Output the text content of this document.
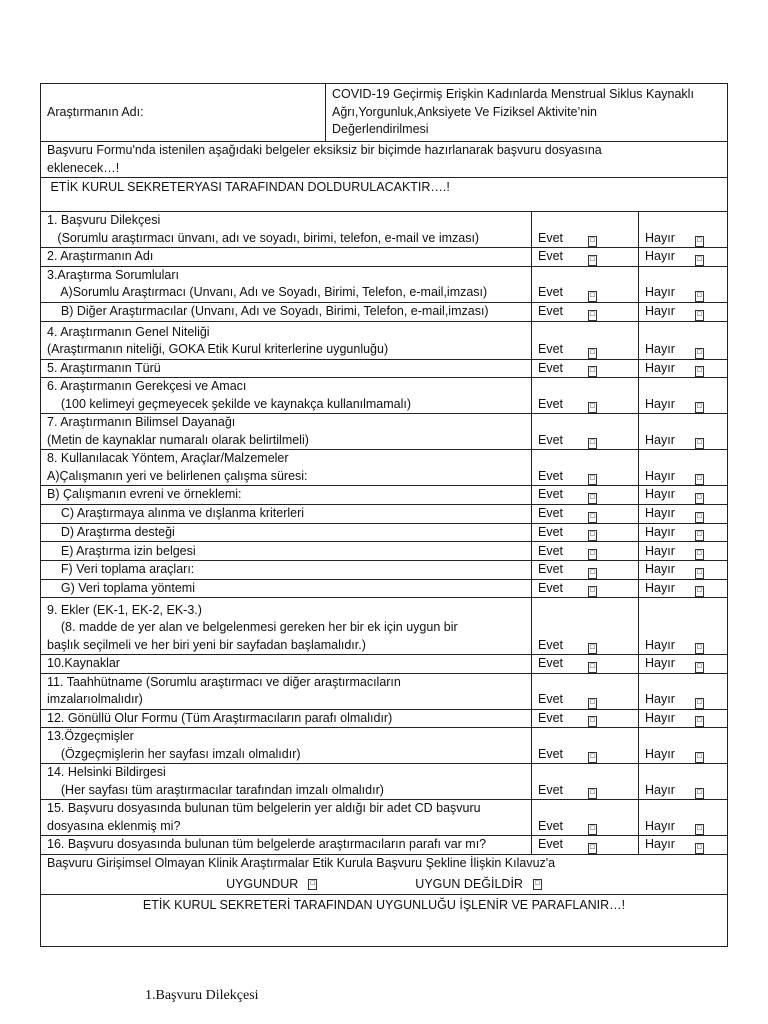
Araştırmanın Adı:	COVID-19 Geçirmiş Erişkin Kadınlarda Menstrual Siklus Kaynaklı
Ağrı,Yorgunluk,Anksiyete Ve Fiziksel Aktivite’nin
Değerlendirilmesi		

Başvuru Formu'nda istenilen aşağıdaki belgeler eksiksiz bir biçimde hazırlanarak başvuru dosyasına
eklenecek…!			

ETİK KURUL SEKRETERYASI TARAFINDAN DOLDURULACAKTIR….!			

1. Başvuru Dilekçesi
(Sorumlu araştırmacı ünvanı, adı ve soyadı, birimi, telefon, e-mail ve imzası)		Evet ☐	Hayır ☐

2. Araştırmanın Adı		Evet ☐	Hayır ☐

3.Araştırma Sorumluları
A)Sorumlu Araştırmacı (Unvanı, Adı ve Soyadı, Birimi, Telefon, e-mail,imzası)		Evet ☐	Hayır ☐

B) Diğer Araştırmacılar (Unvanı, Adı ve Soyadı, Birimi, Telefon, e-mail,imzası)		Evet ☐	Hayır ☐

4. Araştırmanın Genel Niteliği
(Araştırmanın niteliği, GOKA Etik Kurul kriterlerine uygunluğu)		Evet ☐	Hayır ☐

5. Araştırmanın Türü		Evet ☐	Hayır ☐

6. Araştırmanın Gerekçesi ve Amacı
(100 kelimeyi geçmeyecek şekilde ve kaynakça kullanılmamalı)		Evet ☐	Hayır ☐

7. Araştırmanın Bilimsel Dayanağı
(Metin de kaynaklar numaralı olarak belirtilmeli)		Evet ☐	Hayır ☐

8. Kullanılacak Yöntem, Araçlar/Malzemeler
A)Çalışmanın yeri ve belirlenen çalışma süresi:		Evet ☐	Hayır ☐

B) Çalışmanın evreni ve örneklemi:		Evet ☐	Hayır ☐

C) Araştırmaya alınma ve dışlanma kriterleri		Evet ☐	Hayır ☐

D) Araştırma desteği		Evet ☐	Hayır ☐

E) Araştırma izin belgesi		Evet ☐	Hayır ☐

F) Veri toplama araçları:		Evet ☐	Hayır ☐

G) Veri toplama yöntemi		Evet ☐	Hayır ☐

9. Ekler (EK-1, EK-2, EK-3.)
(8. madde de yer alan ve belgelenmesi gereken her bir ek için uygun bir
başlık seçilmeli ve her biri yeni bir sayfadan başlamalıdır.)		Evet ☐	Hayır ☐

10.Kaynaklar		Evet ☐	Hayır ☐

11. Taahhütname (Sorumlu araştırmacı ve diğer araştırmacıların
imzalarıolmalıdır)		Evet ☐	Hayır ☐

12. Gönüllü Olur Formu (Tüm Araştırmacıların parafı olmalıdır)		Evet ☐	Hayır ☐

13.Özgeçmişler
(Özgeçmişlerin her sayfası imzalı olmalıdır)		Evet ☐	Hayır ☐

14. Helsinki Bildirgesi
(Her sayfası tüm araştırmacılar tarafından imzalı olmalıdır)		Evet ☐	Hayır ☐

15. Başvuru dosyasında bulunan tüm belgelerin yer aldığı bir adet CD başvuru
dosyasına eklenmiş mi?		Evet ☐	Hayır ☐

16. Başvuru dosyasında bulunan tüm belgelerde araştırmacıların parafı var mı?		Evet ☐	Hayır ☐

Başvuru Girişimsel Olmayan Klinik Araştırmalar Etik Kurula Başvuru Şekline İlişkin Kılavuz'a
UYGUNDUR ☐ UYGUN DEĞİLDİR ☐			

ETİK KURUL SEKRETERİ TARAFINDAN UYGUNLUĞU İŞLENİR VE PARAFLANIR…!			
1.Başvuru Dilekçesi
